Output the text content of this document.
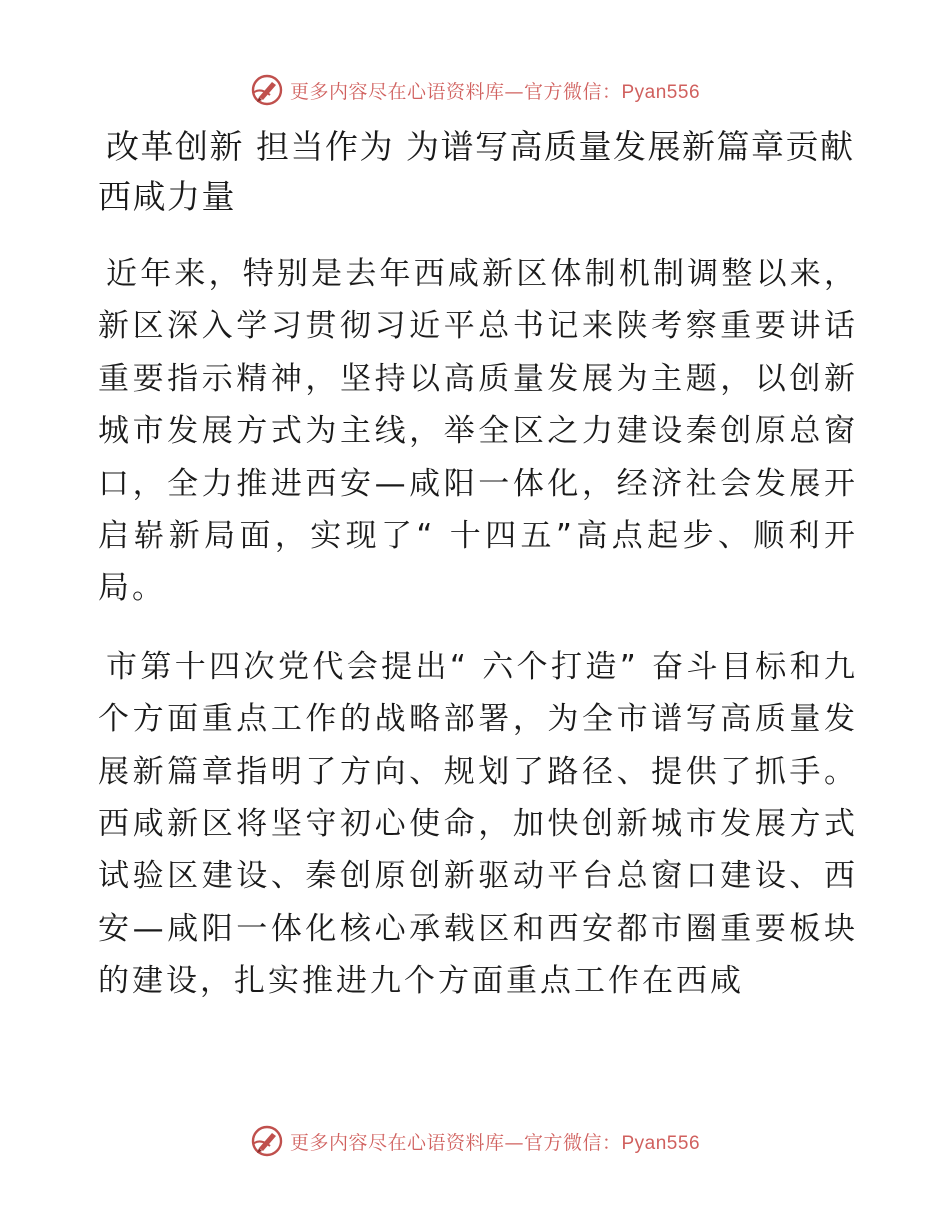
更多内容尽在心语资料库—官方微信：Pyan556
改革创新 担当作为 为谱写高质量发展新篇章贡献西咸力量

近年来，特别是去年西咸新区体制机制调整以来，新区深入学习贯彻习近平总书记来陕考察重要讲话重要指示精神，坚持以高质量发展为主题，以创新城市发展方式为主线，举全区之力建设秦创原总窗口，全力推进西安—咸阳一体化，经济社会发展开启崭新局面，实现了“ 十四五”高点起步、顺利开局。

市第十四次党代会提出“ 六个打造” 奋斗目标和九个方面重点工作的战略部署，为全市谱写高质量发展新篇章指明了方向、规划了路径、提供了抓手。西咸新区将坚守初心使命，加快创新城市发展方式试验区建设、秦创原创新驱动平台总窗口建设、西安—咸阳一体化核心承载区和西安都市圈重要板块的建设，扎实推进九个方面重点工作在西咸

更多内容尽在心语资料库—官方微信：Pyan556
